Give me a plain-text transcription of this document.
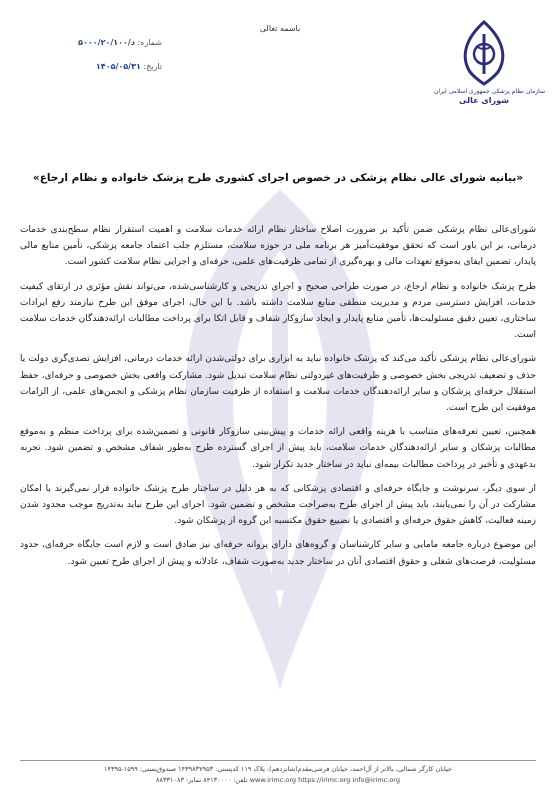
باسمه تعالی
سازمان نظام پزشکی جمهوری اسلامی ایران
شورای عالی
شماره: ۵۰۰۰/۲۰/۱۰۰/د
تاریخ: ۱۴۰۵/۰۵/۳۱
«بیانیه شورای عالی نظام پزشکی در خصوص اجرای کشوری طرح پزشک خانواده و نظام ارجاع»

شورای‌عالی نظام پزشکی ضمن تأکید بر ضرورت اصلاح ساختار نظام ارائه خدمات سلامت و اهمیت استقرار نظام سطح‌بندی خدمات درمانی، بر این باور است که تحقق موفقیت‌آمیز هر برنامه ملی در حوزه سلامت، مستلزم جلب اعتماد جامعه پزشکی، تأمین منابع مالی پایدار، تضمین ایفای به‌موقع تعهدات مالی و بهره‌گیری از تمامی ظرفیت‌های علمی، حرفه‌ای و اجرایی نظام سلامت کشور است.

طرح پزشک خانواده و نظام ارجاع، در صورت طراحی صحیح و اجرای تدریجی و کارشناسی‌شده، می‌تواند نقش مؤثری در ارتقای کیفیت خدمات، افزایش دسترسی مردم و مدیریت منطقی منابع سلامت داشته باشد. با این حال، اجرای موفق این طرح نیازمند رفع ایرادات ساختاری، تعیین دقیق مسئولیت‌ها، تأمین منابع پایدار و ایجاد سازوکار شفاف و قابل اتکا برای پرداخت مطالبات ارائه‌دهندگان خدمات سلامت است.

شورای‌عالی نظام پزشکی تأکید می‌کند که پزشک خانواده نباید به ابزاری برای دولتی‌شدن ارائه خدمات درمانی، افزایش تصدی‌گری دولت یا حذف و تضعیف تدریجی بخش خصوصی و ظرفیت‌های غیردولتی نظام سلامت تبدیل شود. مشارکت واقعی بخش خصوصی و حرفه‌ای، حفظ استقلال حرفه‌ای پزشکان و سایر ارائه‌دهندگان خدمات سلامت و استفاده از ظرفیت سازمان نظام پزشکی و انجمن‌های علمی، از الزامات موفقیت این طرح است.

همچنین، تعیین تعرفه‌های متناسب با هزینه واقعی ارائه خدمات و پیش‌بینی سازوکار قانونی و تضمین‌شده برای پرداخت منظم و به‌موقع مطالبات پزشکان و سایر ارائه‌دهندگان خدمات سلامت، باید پیش از اجرای گسترده طرح به‌طور شفاف مشخص و تضمین شود. تجربه بدعهدی و تأخیر در پرداخت مطالبات بیمه‌ای نباید در ساختار جدید تکرار شود.

از سوی دیگر، سرنوشت و جایگاه حرفه‌ای و اقتصادی پزشکانی که به هر دلیل در ساختار طرح پزشک خانواده قرار نمی‌گیرند یا امکان مشارکت در آن را نمی‌یابند، باید پیش از اجرای طرح به‌صراحت مشخص و تضمین شود. اجرای این طرح نباید به‌تدریج موجب محدود شدن زمینه فعالیت، کاهش حقوق حرفه‌ای و اقتصادی یا تضییع حقوق مکتسبه این گروه از پزشکان شود.

این موضوع درباره جامعه مامایی و سایر کارشناسان و گروه‌های دارای پروانه حرفه‌ای نیز صادق است و لازم است جایگاه حرفه‌ای، حدود مسئولیت، فرصت‌های شغلی و حقوق اقتصادی آنان در ساختار جدید به‌صورت شفاف، عادلانه و پیش از اجرای طرح تعیین شود.

خیابان کارگر شمالی، بالاتر از آل‌احمد، خیابان فرشی‌مقدم(شانزدهم)، پلاک ۱۱۹ کدپستی: ۱۴۳۹۸۳۷۹۵۳ صندوق‌پستی: ۱۵۹۹-۱۴۳۹۵
www.irimc.org https://irimc.org info@irimc.org تلفن: ۸۴۱۳۰۰۰۰ نمابر: ۸۸۳۳۱۰۸۳
